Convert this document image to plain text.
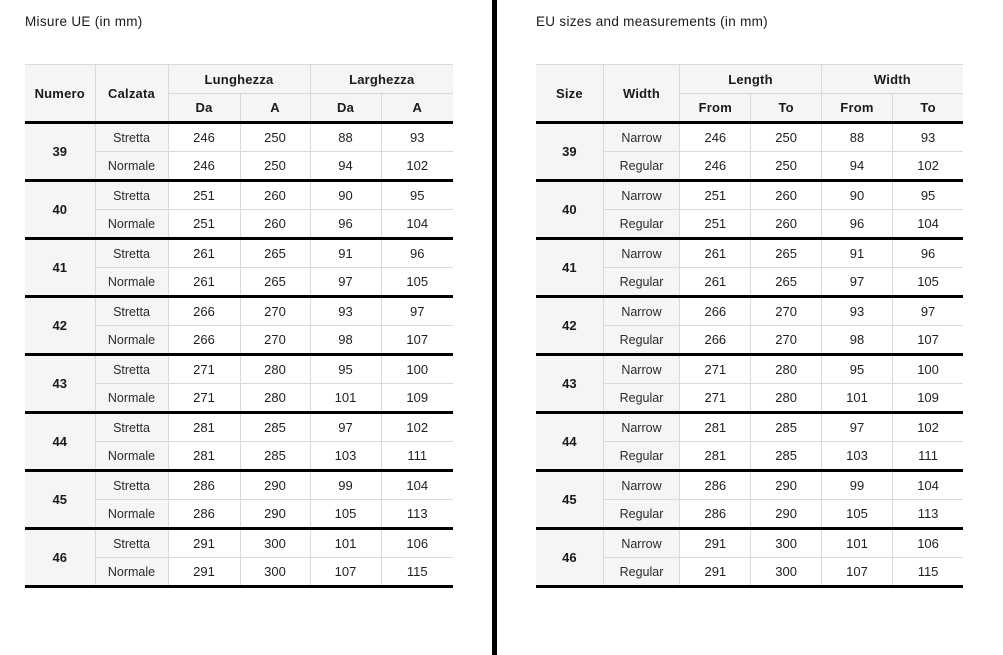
Misure UE (in mm)
Numero	Calzata	Lunghezza		Larghezza	
		Da	A	Da	A
39	Stretta	246	250	88	93
	Normale	246	250	94	102
40	Stretta	251	260	90	95
	Normale	251	260	96	104
41	Stretta	261	265	91	96
	Normale	261	265	97	105
42	Stretta	266	270	93	97
	Normale	266	270	98	107
43	Stretta	271	280	95	100
	Normale	271	280	101	109
44	Stretta	281	285	97	102
	Normale	281	285	103	111
45	Stretta	286	290	99	104
	Normale	286	290	105	113
46	Stretta	291	300	101	106
	Normale	291	300	107	115
EU sizes and measurements (in mm)
Size	Width	Length		Width	
		From	To	From	To
39	Narrow	246	250	88	93
	Regular	246	250	94	102
40	Narrow	251	260	90	95
	Regular	251	260	96	104
41	Narrow	261	265	91	96
	Regular	261	265	97	105
42	Narrow	266	270	93	97
	Regular	266	270	98	107
43	Narrow	271	280	95	100
	Regular	271	280	101	109
44	Narrow	281	285	97	102
	Regular	281	285	103	111
45	Narrow	286	290	99	104
	Regular	286	290	105	113
46	Narrow	291	300	101	106
	Regular	291	300	107	115
